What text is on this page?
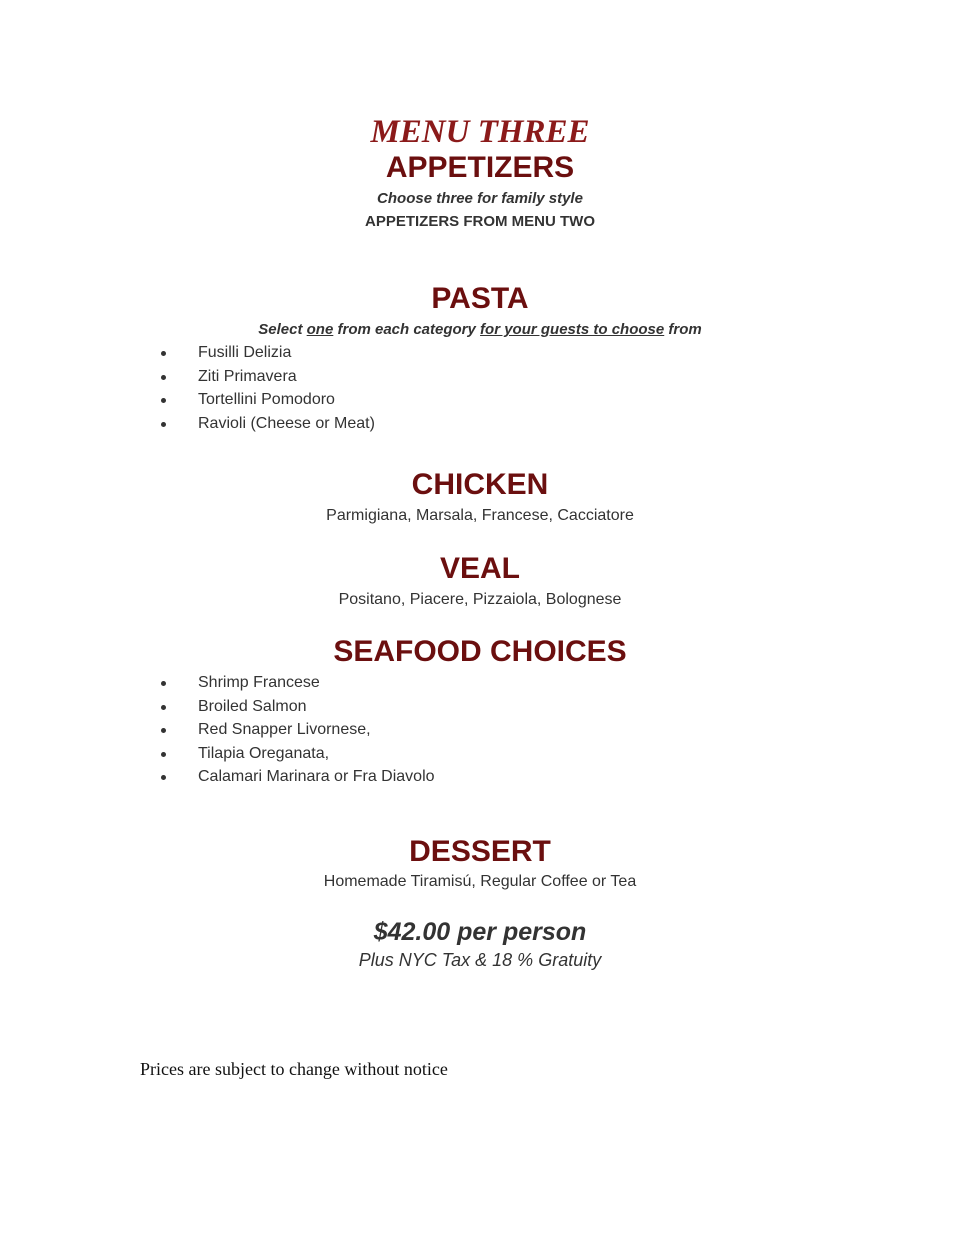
MENU THREE
APPETIZERS
Choose three for family style
APPETIZERS FROM MENU TWO
PASTA
Select one from each category for your guests to choose from
Fusilli Delizia
Ziti Primavera
Tortellini Pomodoro
Ravioli (Cheese or Meat)
CHICKEN
Parmigiana, Marsala, Francese, Cacciatore
VEAL
Positano, Piacere, Pizzaiola, Bolognese
SEAFOOD CHOICES
Shrimp Francese
Broiled Salmon
Red Snapper Livornese,
Tilapia Oreganata,
Calamari Marinara or Fra Diavolo
DESSERT
Homemade Tiramisú, Regular Coffee or Tea
$42.00 per person
Plus NYC Tax & 18 % Gratuity
Prices are subject to change without notice
